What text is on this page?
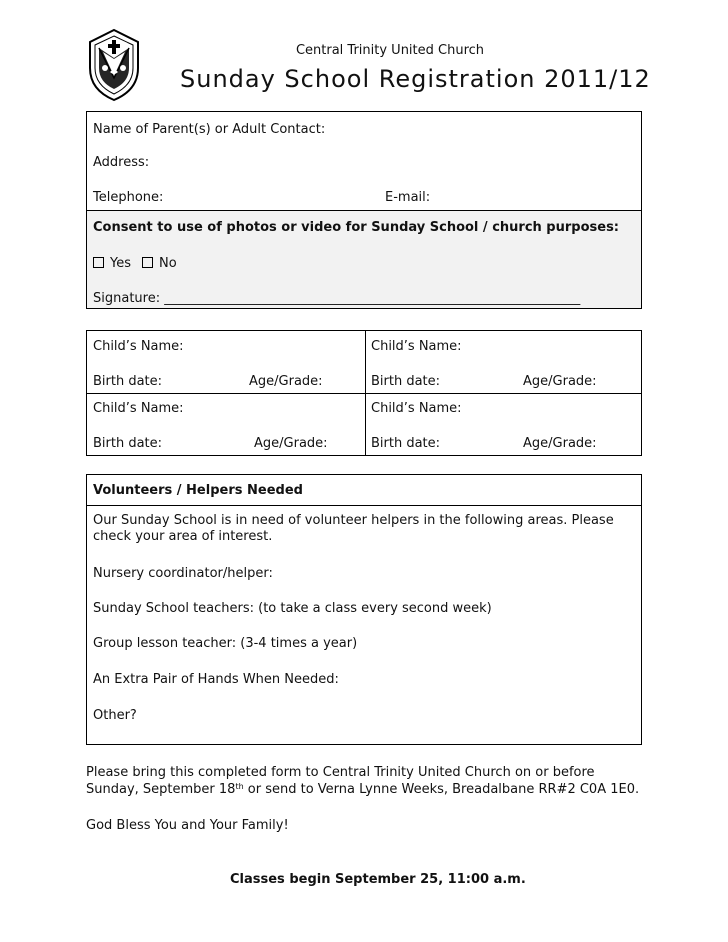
Central Trinity United Church
Sunday School Registration 2011/12
Name of Parent(s) or Adult Contact:
Address:
Telephone:	E-mail:
Consent to use of photos or video for Sunday School / church purposes:
Yes	No
Signature: ________________________________________________________________
Child’s Name:
Birth date:	Age/Grade:
Child’s Name:
Birth date:	Age/Grade:
Child’s Name:
Birth date:	Age/Grade:
Child’s Name:
Birth date:	Age/Grade:
Volunteers / Helpers Needed
Our Sunday School is in need of volunteer helpers in the following areas. Please
check your area of interest.
Nursery coordinator/helper:
Sunday School teachers: (to take a class every second week)
Group lesson teacher: (3-4 times a year)
An Extra Pair of Hands When Needed:
Other?
Please bring this completed form to Central Trinity United Church on or before
Sunday, September 18th or send to Verna Lynne Weeks, Breadalbane RR#2 C0A 1E0.
God Bless You and Your Family!
Classes begin September 25, 11:00 a.m.
